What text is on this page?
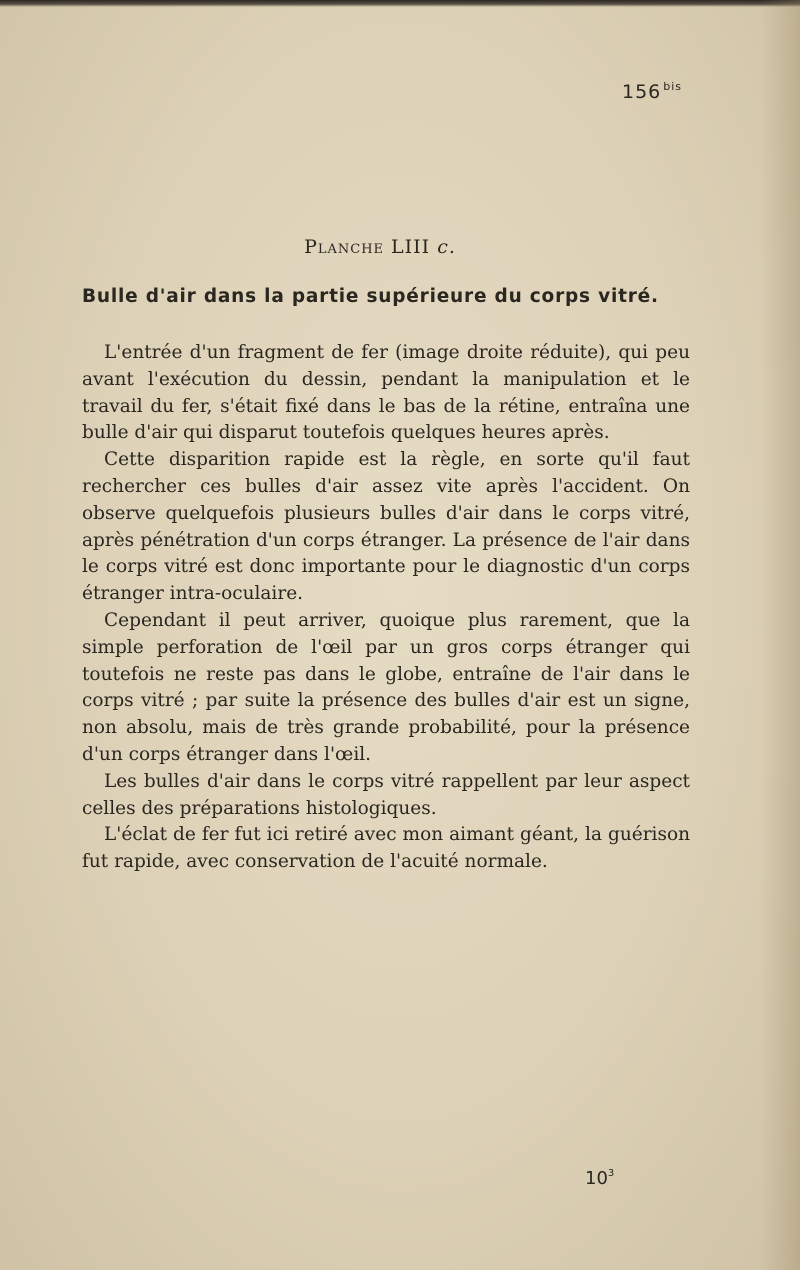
156 $^{bis}$
Planche LIII c.
Bulle d'air dans la partie supérieure du corps vitré.

L'entrée d'un fragment de fer (image droite réduite), qui peu avant l'exécution du dessin, pendant la manipulation et le travail du fer, s'était fixé dans le bas de la rétine, entraîna une bulle d'air qui disparut toutefois quelques heures après.

Cette disparition rapide est la règle, en sorte qu'il faut rechercher ces bulles d'air assez vite après l'accident. On observe quelquefois plusieurs bulles d'air dans le corps vitré, après pénétration d'un corps étranger. La présence de l'air dans le corps vitré est donc importante pour le diagnostic d'un corps étranger intra-oculaire.

Cependant il peut arriver, quoique plus rarement, que la simple perforation de l'œil par un gros corps étranger qui toutefois ne reste pas dans le globe, entraîne de l'air dans le corps vitré ; par suite la présence des bulles d'air est un signe, non absolu, mais de très grande probabilité, pour la présence d'un corps étranger dans l'œil.

Les bulles d'air dans le corps vitré rappellent par leur aspect celles des préparations histologiques.

L'éclat de fer fut ici retiré avec mon aimant géant, la guérison fut rapide, avec conservation de l'acuité normale.

$10^3$
